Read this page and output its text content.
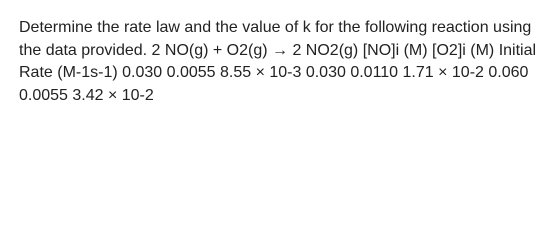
Determine the rate law and the value of k for the following reaction using the data provided. 2 NO(g) + O2(g) → 2 NO2(g) [NO]i (M) [O2]i (M) Initial Rate (M-1s-1) 0.030 0.0055 8.55 × 10-3 0.030 0.0110 1.71 × 10-2 0.060 0.0055 3.42 × 10-2
